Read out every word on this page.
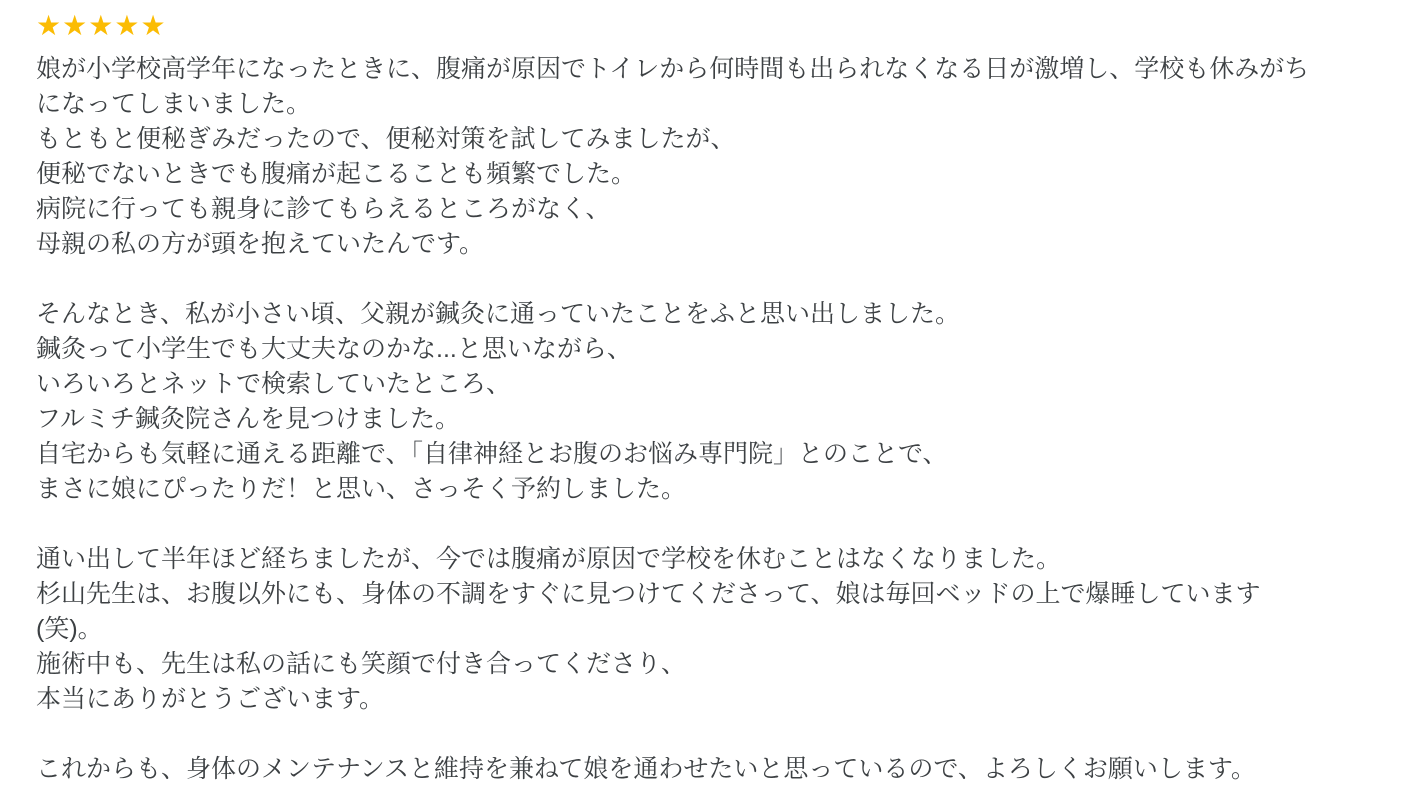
★★★★★

娘が小学校高学年になったときに、腹痛が原因でトイレから何時間も出られなくなる日が激増し、学校も休みがち
になってしまいました。
もともと便秘ぎみだったので、便秘対策を試してみましたが、
便秘でないときでも腹痛が起こることも頻繁でした。
病院に行っても親身に診てもらえるところがなく、
母親の私の方が頭を抱えていたんです。

そんなとき、私が小さい頃、父親が鍼灸に通っていたことをふと思い出しました。
鍼灸って小学生でも大丈夫なのかな...と思いながら、
いろいろとネットで検索していたところ、
フルミチ鍼灸院さんを見つけました。
自宅からも気軽に通える距離で、「自律神経とお腹のお悩み専門院」とのことで、
まさに娘にぴったりだ！と思い、さっそく予約しました。

通い出して半年ほど経ちましたが、今では腹痛が原因で学校を休むことはなくなりました。
杉山先生は、お腹以外にも、身体の不調をすぐに見つけてくださって、娘は毎回ベッドの上で爆睡しています
(笑)。
施術中も、先生は私の話にも笑顔で付き合ってくださり、
本当にありがとうございます。

これからも、身体のメンテナンスと維持を兼ねて娘を通わせたいと思っているので、よろしくお願いします。
